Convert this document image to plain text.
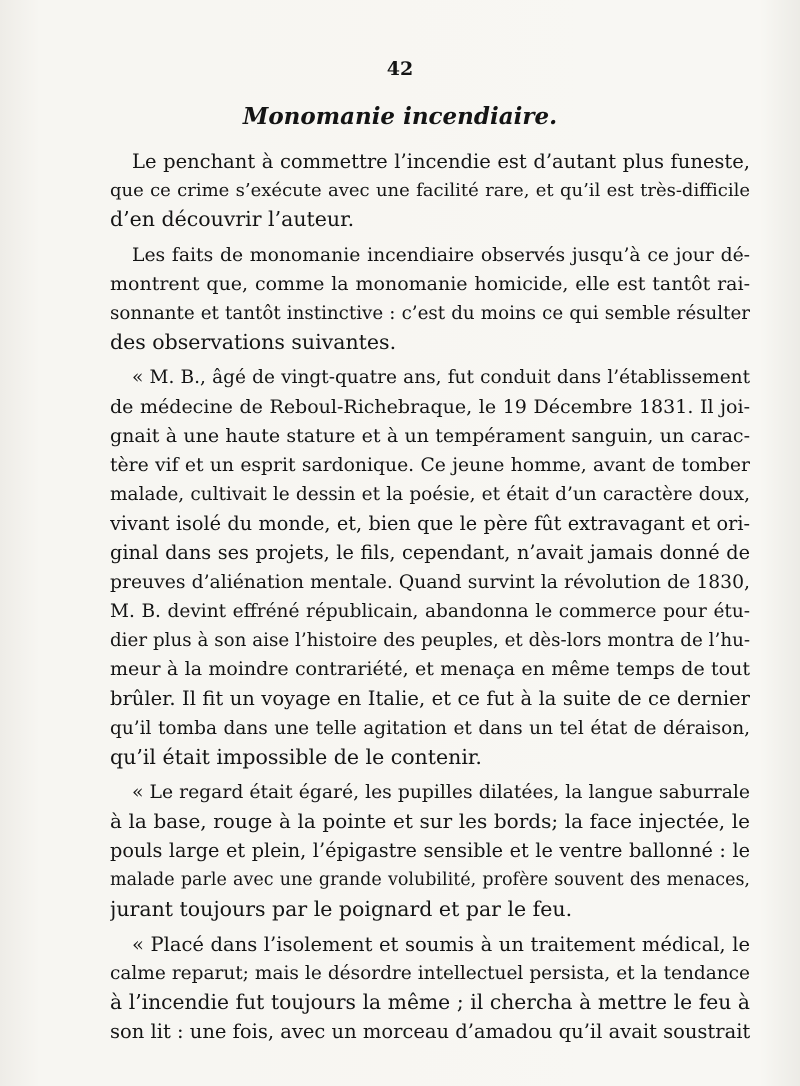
42
Monomanie incendiaire.
Le penchant à commettre l’incendie est d’autant plus funeste,
que ce crime s’exécute avec une facilité rare, et qu’il est très-difficile
d’en découvrir l’auteur.
Les faits de monomanie incendiaire observés jusqu’à ce jour dé-
montrent que, comme la monomanie homicide, elle est tantôt rai-
sonnante et tantôt instinctive : c’est du moins ce qui semble résulter
des observations suivantes.
« M. B., âgé de vingt-quatre ans, fut conduit dans l’établissement
de médecine de Reboul-Richebraque, le 19 Décembre 1831. Il joi-
gnait à une haute stature et à un tempérament sanguin, un carac-
tère vif et un esprit sardonique. Ce jeune homme, avant de tomber
malade, cultivait le dessin et la poésie, et était d’un caractère doux,
vivant isolé du monde, et, bien que le père fût extravagant et ori-
ginal dans ses projets, le fils, cependant, n’avait jamais donné de
preuves d’aliénation mentale. Quand survint la révolution de 1830,
M. B. devint effréné républicain, abandonna le commerce pour étu-
dier plus à son aise l’histoire des peuples, et dès-lors montra de l’hu-
meur à la moindre contrariété, et menaça en même temps de tout
brûler. Il fit un voyage en Italie, et ce fut à la suite de ce dernier
qu’il tomba dans une telle agitation et dans un tel état de déraison,
qu’il était impossible de le contenir.
« Le regard était égaré, les pupilles dilatées, la langue saburrale
à la base, rouge à la pointe et sur les bords; la face injectée, le
pouls large et plein, l’épigastre sensible et le ventre ballonné : le
malade parle avec une grande volubilité, profère souvent des menaces,
jurant toujours par le poignard et par le feu.
« Placé dans l’isolement et soumis à un traitement médical, le
calme reparut; mais le désordre intellectuel persista, et la tendance
à l’incendie fut toujours la même ; il chercha à mettre le feu à
son lit : une fois, avec un morceau d’amadou qu’il avait soustrait
